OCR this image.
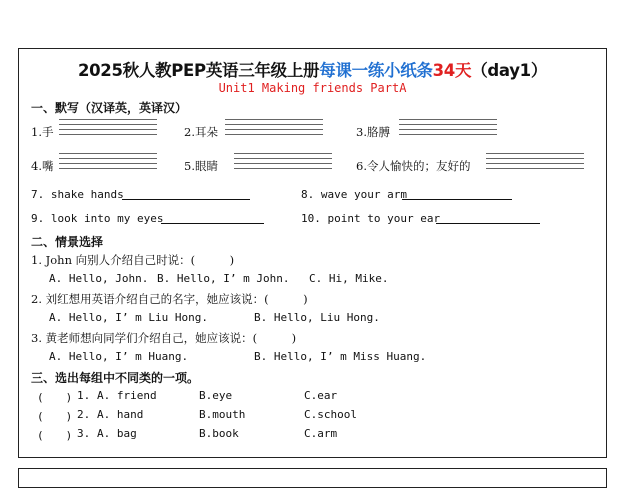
2025秋人教PEP英语三年级上册每课一练小纸条34天（day1）
Unit1 Making friends PartA
一、默写（汉译英，英译汉）
1.手	2.耳朵	3.胳膊
4.嘴	5.眼睛	6.令人愉快的；友好的
7. shake hands	8. wave your arm
9. look into my eyes	10. point to your ear
二、情景选择
1. John 向别人介绍自己时说：(　　　)
A. Hello, John. B. Hello, I’ m John. C. Hi, Mike.
2. 刘红想用英语介绍自己的名字，她应该说：(　　　)
A. Hello, I’ m Liu Hong.	B. Hello, Liu Hong.
3. 黄老师想向同学们介绍自己，她应该说：(　　　)
A. Hello, I’ m Huang.	B. Hello, I’ m Miss Huang.
三、选出每组中不同类的一项。
(　　) 1. A. friend	B.eye	C.ear
(　　) 2. A. hand	B.mouth	C.school
(　　) 3. A. bag	B.book	C.arm
